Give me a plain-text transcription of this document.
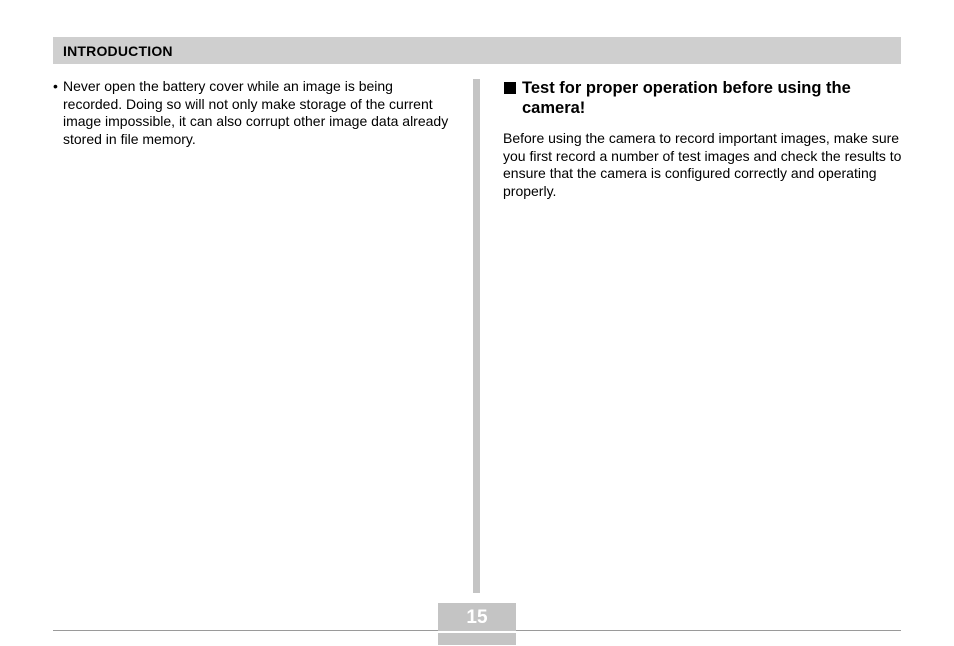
INTRODUCTION
• Never open the battery cover while an image is being recorded. Doing so will not only make storage of the current image impossible, it can also corrupt other image data already stored in file memory.
Test for proper operation before using the camera!
Before using the camera to record important images, make sure you first record a number of test images and check the results to ensure that the camera is configured correctly and operating properly.
15
